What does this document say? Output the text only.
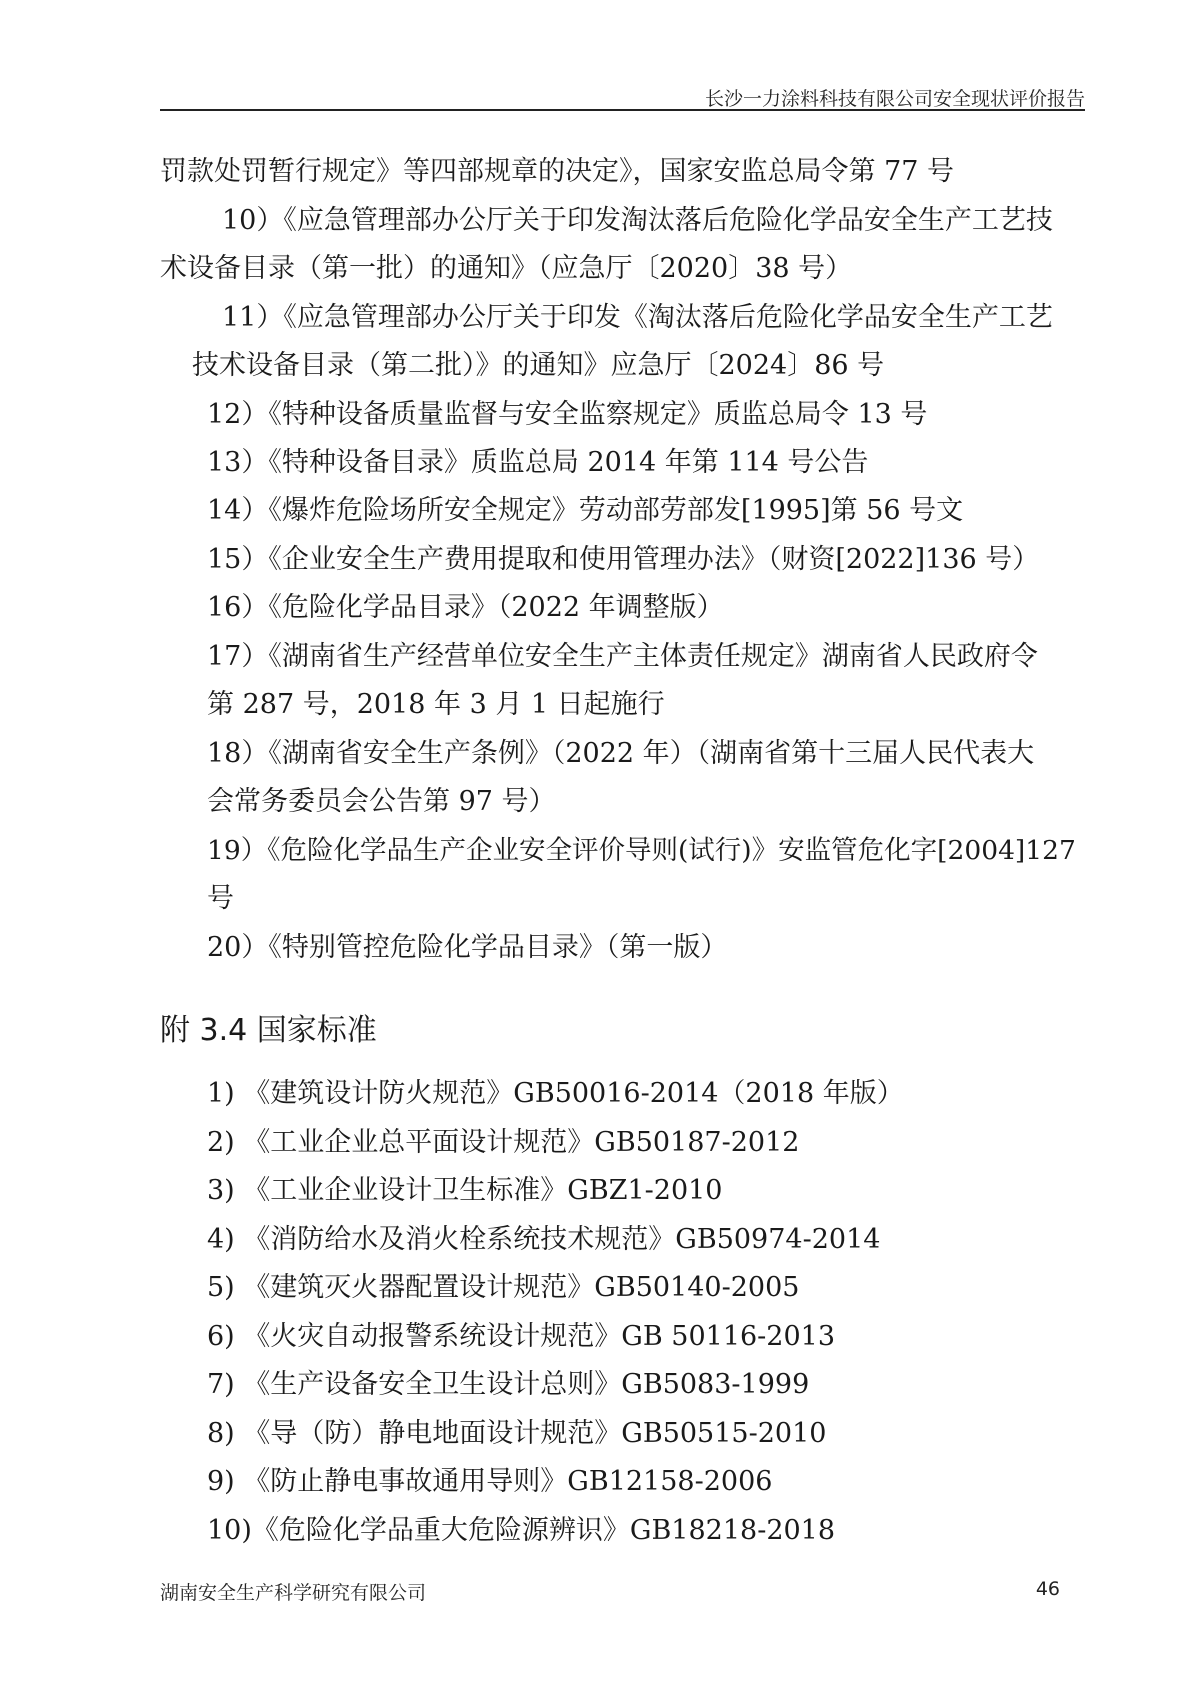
长沙一力涂料科技有限公司安全现状评价报告
罚款处罚暂行规定》等四部规章的决定》，国家安监总局令第 77 号
10）《应急管理部办公厅关于印发淘汰落后危险化学品安全生产工艺技
术设备目录（第一批）的通知》（应急厅〔2020〕38 号）
11）《应急管理部办公厅关于印发《淘汰落后危险化学品安全生产工艺
技术设备目录（第二批）》的通知》应急厅〔2024〕86 号
12）《特种设备质量监督与安全监察规定》质监总局令 13 号
13）《特种设备目录》质监总局 2014 年第 114 号公告
14）《爆炸危险场所安全规定》劳动部劳部发[1995]第 56 号文
15）《企业安全生产费用提取和使用管理办法》（财资[2022]136 号）
16）《危险化学品目录》（2022 年调整版）
17）《湖南省生产经营单位安全生产主体责任规定》湖南省人民政府令
第 287 号，2018 年 3 月 1 日起施行
18）《湖南省安全生产条例》（2022 年）（湖南省第十三届人民代表大
会常务委员会公告第 97 号）
19）《危险化学品生产企业安全评价导则(试行)》安监管危化字[2004]127
号
20）《特别管控危险化学品目录》（第一版）
附 3.4 国家标准
1) 《建筑设计防火规范》GB50016-2014（2018 年版）
2) 《工业企业总平面设计规范》GB50187-2012
3) 《工业企业设计卫生标准》GBZ1-2010
4) 《消防给水及消火栓系统技术规范》GB50974-2014
5) 《建筑灭火器配置设计规范》GB50140-2005
6) 《火灾自动报警系统设计规范》GB 50116-2013
7) 《生产设备安全卫生设计总则》GB5083-1999
8) 《导（防）静电地面设计规范》GB50515-2010
9) 《防止静电事故通用导则》GB12158-2006
10)《危险化学品重大危险源辨识》GB18218-2018
湖南安全生产科学研究有限公司	46
